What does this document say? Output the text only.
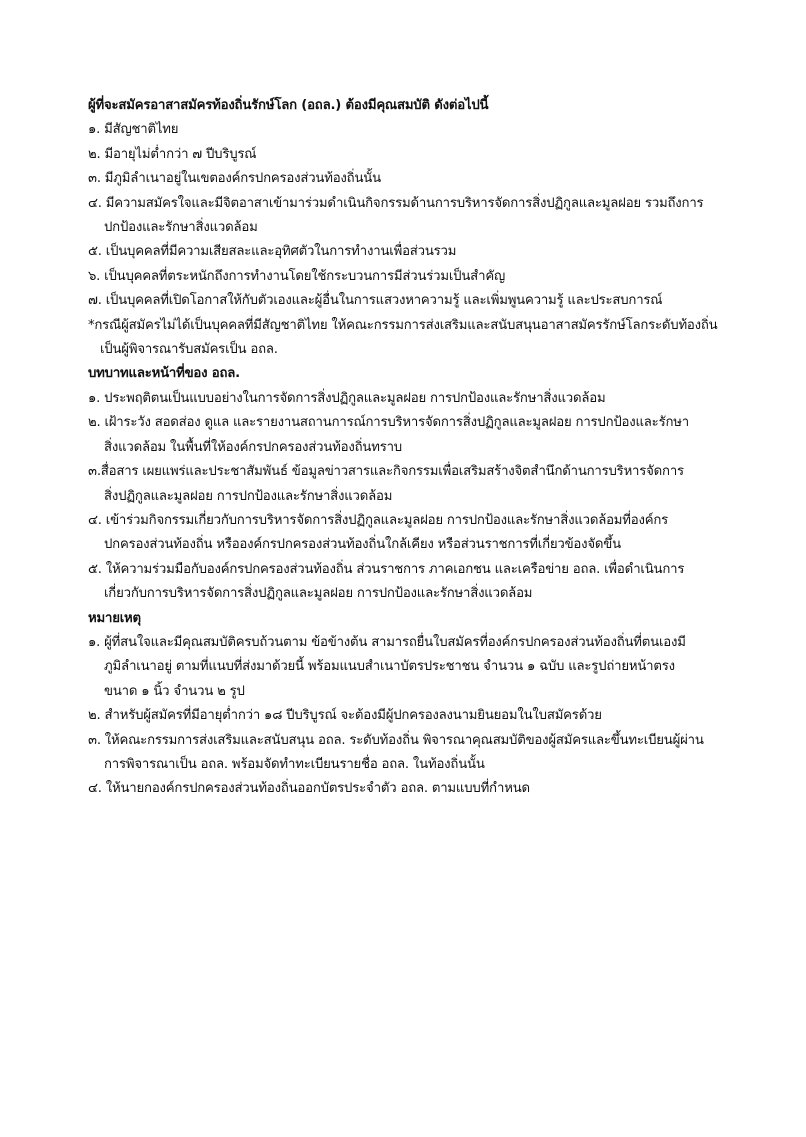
ผู้ที่จะสมัครอาสาสมัครท้องถิ่นรักษ์โลก (อถล.) ต้องมีคุณสมบัติ ดังต่อไปนี้
๑. มีสัญชาติไทย
๒. มีอายุไม่ต่ำกว่า ๗ ปีบริบูรณ์
๓. มีภูมิลำเนาอยู่ในเขตองค์กรปกครองส่วนท้องถิ่นนั้น
๔. มีความสมัครใจและมีจิตอาสาเข้ามาร่วมดำเนินกิจกรรมด้านการบริหารจัดการสิ่งปฏิกูลและมูลฝอย รวมถึงการ
ปกป้องและรักษาสิ่งแวดล้อม
๕. เป็นบุคคลที่มีความเสียสละและอุทิศตัวในการทำงานเพื่อส่วนรวม
๖. เป็นบุคคลที่ตระหนักถึงการทำงานโดยใช้กระบวนการมีส่วนร่วมเป็นสำคัญ
๗. เป็นบุคคลที่เปิดโอกาสให้กับตัวเองและผู้อื่นในการแสวงหาความรู้ และเพิ่มพูนความรู้ และประสบการณ์
*กรณีผู้สมัครไม่ได้เป็นบุคคลที่มีสัญชาติไทย ให้คณะกรรมการส่งเสริมและสนับสนุนอาสาสมัครรักษ์โลกระดับท้องถิ่น
เป็นผู้พิจารณารับสมัครเป็น อถล.
บทบาทและหน้าที่ของ อถล.
๑. ประพฤติตนเป็นแบบอย่างในการจัดการสิ่งปฏิกูลและมูลฝอย การปกป้องและรักษาสิ่งแวดล้อม
๒. เฝ้าระวัง สอดส่อง ดูแล และรายงานสถานการณ์การบริหารจัดการสิ่งปฏิกูลและมูลฝอย การปกป้องและรักษา
สิ่งแวดล้อม ในพื้นที่ให้องค์กรปกครองส่วนท้องถิ่นทราบ
๓.สื่อสาร เผยแพร่และประชาสัมพันธ์ ข้อมูลข่าวสารและกิจกรรมเพื่อเสริมสร้างจิตสำนึกด้านการบริหารจัดการ
สิ่งปฏิกูลและมูลฝอย การปกป้องและรักษาสิ่งแวดล้อม
๔. เข้าร่วมกิจกรรมเกี่ยวกับการบริหารจัดการสิ่งปฏิกูลและมูลฝอย การปกป้องและรักษาสิ่งแวดล้อมที่องค์กร
ปกครองส่วนท้องถิ่น หรือองค์กรปกครองส่วนท้องถิ่นใกล้เคียง หรือส่วนราชการที่เกี่ยวข้องจัดขึ้น
๕. ให้ความร่วมมือกับองค์กรปกครองส่วนท้องถิ่น ส่วนราชการ ภาคเอกชน และเครือข่าย อถล. เพื่อดำเนินการ
เกี่ยวกับการบริหารจัดการสิ่งปฏิกูลและมูลฝอย การปกป้องและรักษาสิ่งแวดล้อม
หมายเหตุ
๑. ผู้ที่สนใจและมีคุณสมบัติครบถ้วนตาม ข้อข้างต้น สามารถยื่นใบสมัครที่องค์กรปกครองส่วนท้องถิ่นที่ตนเองมี
ภูมิลำเนาอยู่ ตามที่แนบที่ส่งมาด้วยนี้ พร้อมแนบสำเนาบัตรประชาชน จำนวน ๑ ฉบับ และรูปถ่ายหน้าตรง
ขนาด ๑ นิ้ว จำนวน ๒ รูป
๒. สำหรับผู้สมัครที่มีอายุต่ำกว่า ๑๘ ปีบริบูรณ์ จะต้องมีผู้ปกครองลงนามยินยอมในใบสมัครด้วย
๓. ให้คณะกรรมการส่งเสริมและสนับสนุน อถล. ระดับท้องถิ่น พิจารณาคุณสมบัติของผู้สมัครและขึ้นทะเบียนผู้ผ่าน
การพิจารณาเป็น อถล. พร้อมจัดทำทะเบียนรายชื่อ อถล. ในท้องถิ่นนั้น
๔. ให้นายกองค์กรปกครองส่วนท้องถิ่นออกบัตรประจำตัว อถล. ตามแบบที่กำหนด
